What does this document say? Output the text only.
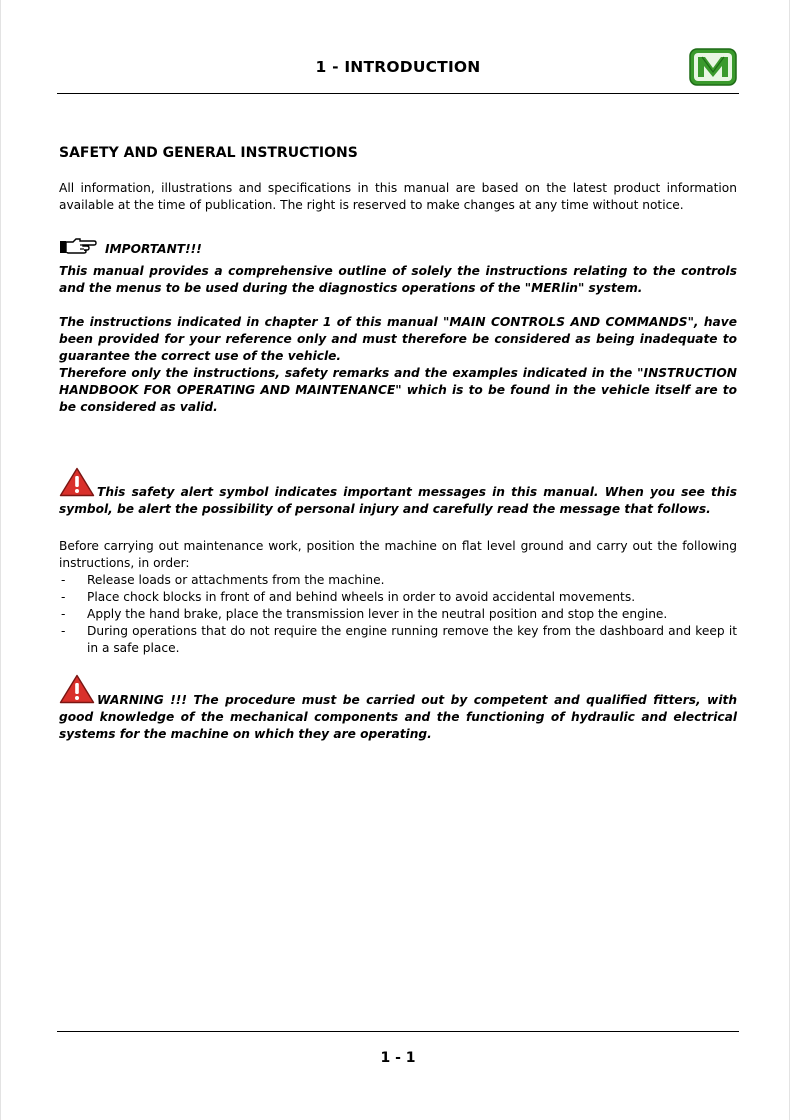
1 - INTRODUCTION
SAFETY AND GENERAL INSTRUCTIONS

All information, illustrations and specifications in this manual are based on the latest product information available at the time of publication. The right is reserved to make changes at any time without notice.

IMPORTANT!!!

This manual provides a comprehensive outline of solely the instructions relating to the controls and the menus to be used during the diagnostics operations of the "MERlin" system.

The instructions indicated in chapter 1 of this manual "MAIN CONTROLS AND COMMANDS", have been provided for your reference only and must therefore be considered as being inadequate to guarantee the correct use of the vehicle.

Therefore only the instructions, safety remarks and the examples indicated in the "INSTRUCTION HANDBOOK FOR OPERATING AND MAINTENANCE" which is to be found in the vehicle itself are to be considered as valid.

This safety alert symbol indicates important messages in this manual. When you see this symbol, be alert the possibility of personal injury and carefully read the message that follows.

Before carrying out maintenance work, position the machine on flat level ground and carry out the following instructions, in order:

- Release loads or attachments from the machine.
- Place chock blocks in front of and behind wheels in order to avoid accidental movements.
- Apply the hand brake, place the transmission lever in the neutral position and stop the engine.
- During operations that do not require the engine running remove the key from the dashboard and keep it in a safe place.
WARNING !!! The procedure must be carried out by competent and qualified fitters, with good knowledge of the mechanical components and the functioning of hydraulic and electrical systems for the machine on which they are operating.
1 - 1
